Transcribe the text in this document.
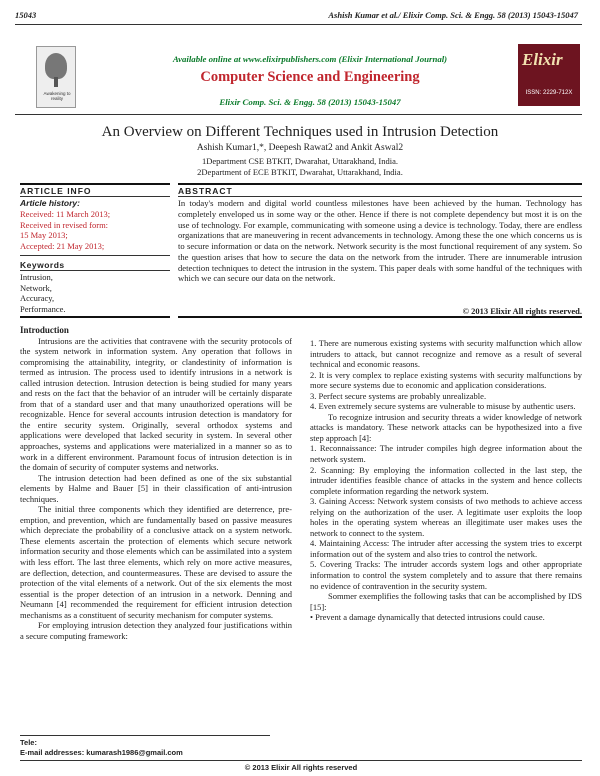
15043	Ashish Kumar et al./ Elixir Comp. Sci. & Engg. 58 (2013) 15043-15047
Awakening to reality
Available online at www.elixirpublishers.com (Elixir International Journal)
Computer Science and Engineering
Elixir Comp. Sci. & Engg. 58 (2013) 15043-15047
Elixir
ISSN: 2229-712X
An Overview on Different Techniques used in Intrusion Detection
Ashish Kumar1,*, Deepesh Rawat2 and Ankit Aswal2
1Department CSE BTKIT, Dwarahat, Uttarakhand, India.
2Department of ECE BTKIT, Dwarahat, Uttarakhand, India.
ARTICLE INFO
Article history:
Received: 11 March 2013;
Received in revised form:
15 May 2013;
Accepted: 21 May 2013;
Keywords
Intrusion,
Network,
Accuracy,
Performance.
ABSTRACT
In today's modern and digital world countless milestones have been achieved by the human. Technology has completely enveloped us in some way or the other. Hence if there is not complete dependency but most it is on the use of technology. For example, communicating with someone using a device is technology. Today, there are endless organizations that are maneuvering in recent advancements in technology. Among these the one which concerns us is to secure information or data on the network. Network security is the most functional requirement of any system. So the question arises that how to secure the data on the network from the intruder. There are innumerable intrusion detection techniques to detect the intrusion in the system. This paper deals with some handful of the techniques with which we can secure our data on the network.
© 2013 Elixir All rights reserved.
Introduction

Intrusions are the activities that contravene with the security protocols of the system network in information system. Any operation that follows in compromising the attainability, integrity, or clandestinity of information is termed as intrusion. The process used to identify intrusions in a network is called intrusion detection. Intrusion detection is being studied for many years and rests on the fact that the behavior of an intruder will be certainly disparate from that of a standard user and that many unauthorized operations will be recognizable. Hence for several accounts intrusion detection is mandatory for the entire security system. Originally, several orthodox systems and applications were developed that lacked security in system. In several other approaches, systems and applications were materialized in a manner so as to work in a different environment. Paramount focus of intrusion detection is in the domain of security of computer systems and networks.

The intrusion detection had been defined as one of the six substantial elements by Halme and Bauer [5] in their classification of anti-intrusion techniques.

The initial three components which they identified are deterrence, pre-emption, and prevention, which are fundamentally based on passive measures which depreciate the probability of a conclusive attack on a system network. These elements ascertain the protection of elements which secure network information security and those elements which can be assimilated into a system with less effort. The last three elements, which rely on more active measures, are deflection, detection, and countermeasures. These are devised to assure the protection of the vital elements of a network. Out of the six elements the most essential is the proper detection of an intrusion in a network. Denning and Neumann [4] recommended the requirement for efficient intrusion detection mechanisms as a constituent of security mechanism for computer systems.

For employing intrusion detection they analyzed four justifications within a secure computing framework:

1. There are numerous existing systems with security malfunction which allow intruders to attack, but cannot recognize and remove as a result of several technical and economic reasons.

2. It is very complex to replace existing systems with security malfunctions by more secure systems due to economic and application considerations.

3. Perfect secure systems are probably unrealizable.

4. Even extremely secure systems are vulnerable to misuse by authentic users.

To recognize intrusion and security threats a wider knowledge of network attacks is mandatory. These network attacks can be hypothesized into a five step approach [4]:

1. Reconnaissance: The intruder compiles high degree information about the network system.

2. Scanning: By employing the information collected in the last step, the intruder identifies feasible chance of attacks in the system and hence collects complete information regarding the network system.

3. Gaining Access: Network system consists of two methods to achieve access relying on the authorization of the user. A legitimate user exploits the loop holes in the operating system whereas an illegitimate user makes uses the network to connect to the system.

4. Maintaining Access: The intruder after accessing the system tries to excerpt information out of the system and also tries to control the network.

5. Covering Tracks: The intruder accords system logs and other appropriate information to control the system completely and to assure that there remains no evidence of contravention in the security system.

Sommer exemplifies the following tasks that can be accomplished by IDS [15]:

• Prevent a damage dynamically that detected intrusions could cause.

Tele:
E-mail addresses: kumarash1986@gmail.com
© 2013 Elixir All rights reserved
